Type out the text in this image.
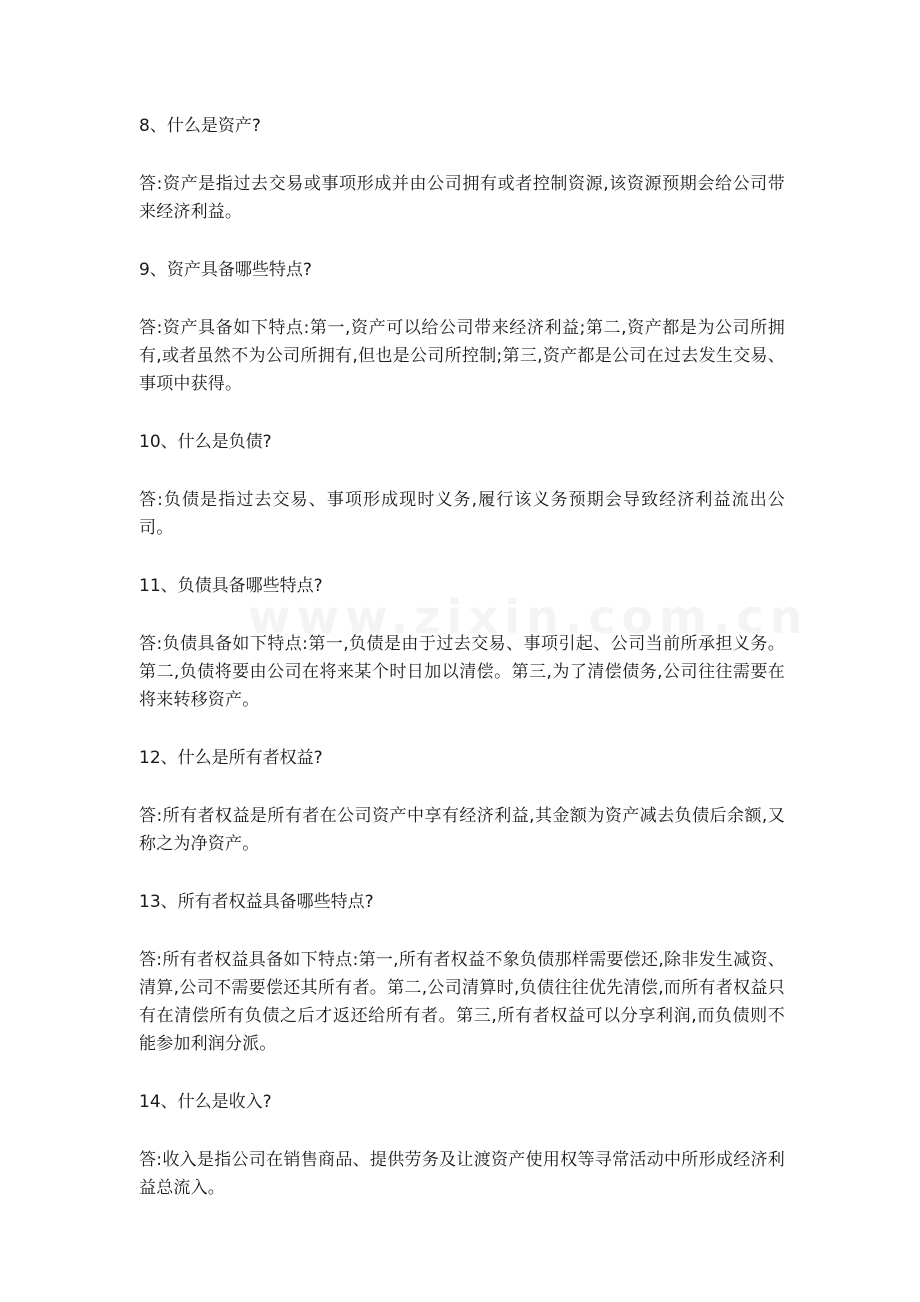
8、什么是资产?

答:资产是指过去交易或事项形成并由公司拥有或者控制资源,该资源预期会给公司带来经济利益。

9、资产具备哪些特点?

答:资产具备如下特点:第一,资产可以给公司带来经济利益;第二,资产都是为公司所拥有,或者虽然不为公司所拥有,但也是公司所控制;第三,资产都是公司在过去发生交易、事项中获得。

10、什么是负债?

答:负债是指过去交易、事项形成现时义务,履行该义务预期会导致经济利益流出公司。

11、负债具备哪些特点?

答:负债具备如下特点:第一,负债是由于过去交易、事项引起、公司当前所承担义务。第二,负债将要由公司在将来某个时日加以清偿。第三,为了清偿债务,公司往往需要在将来转移资产。

12、什么是所有者权益?

答:所有者权益是所有者在公司资产中享有经济利益,其金额为资产减去负债后余额,又称之为净资产。

13、所有者权益具备哪些特点?

答:所有者权益具备如下特点:第一,所有者权益不象负债那样需要偿还,除非发生减资、清算,公司不需要偿还其所有者。第二,公司清算时,负债往往优先清偿,而所有者权益只有在清偿所有负债之后才返还给所有者。第三,所有者权益可以分享利润,而负债则不能参加利润分派。

14、什么是收入?

答:收入是指公司在销售商品、提供劳务及让渡资产使用权等寻常活动中所形成经济利益总流入。
